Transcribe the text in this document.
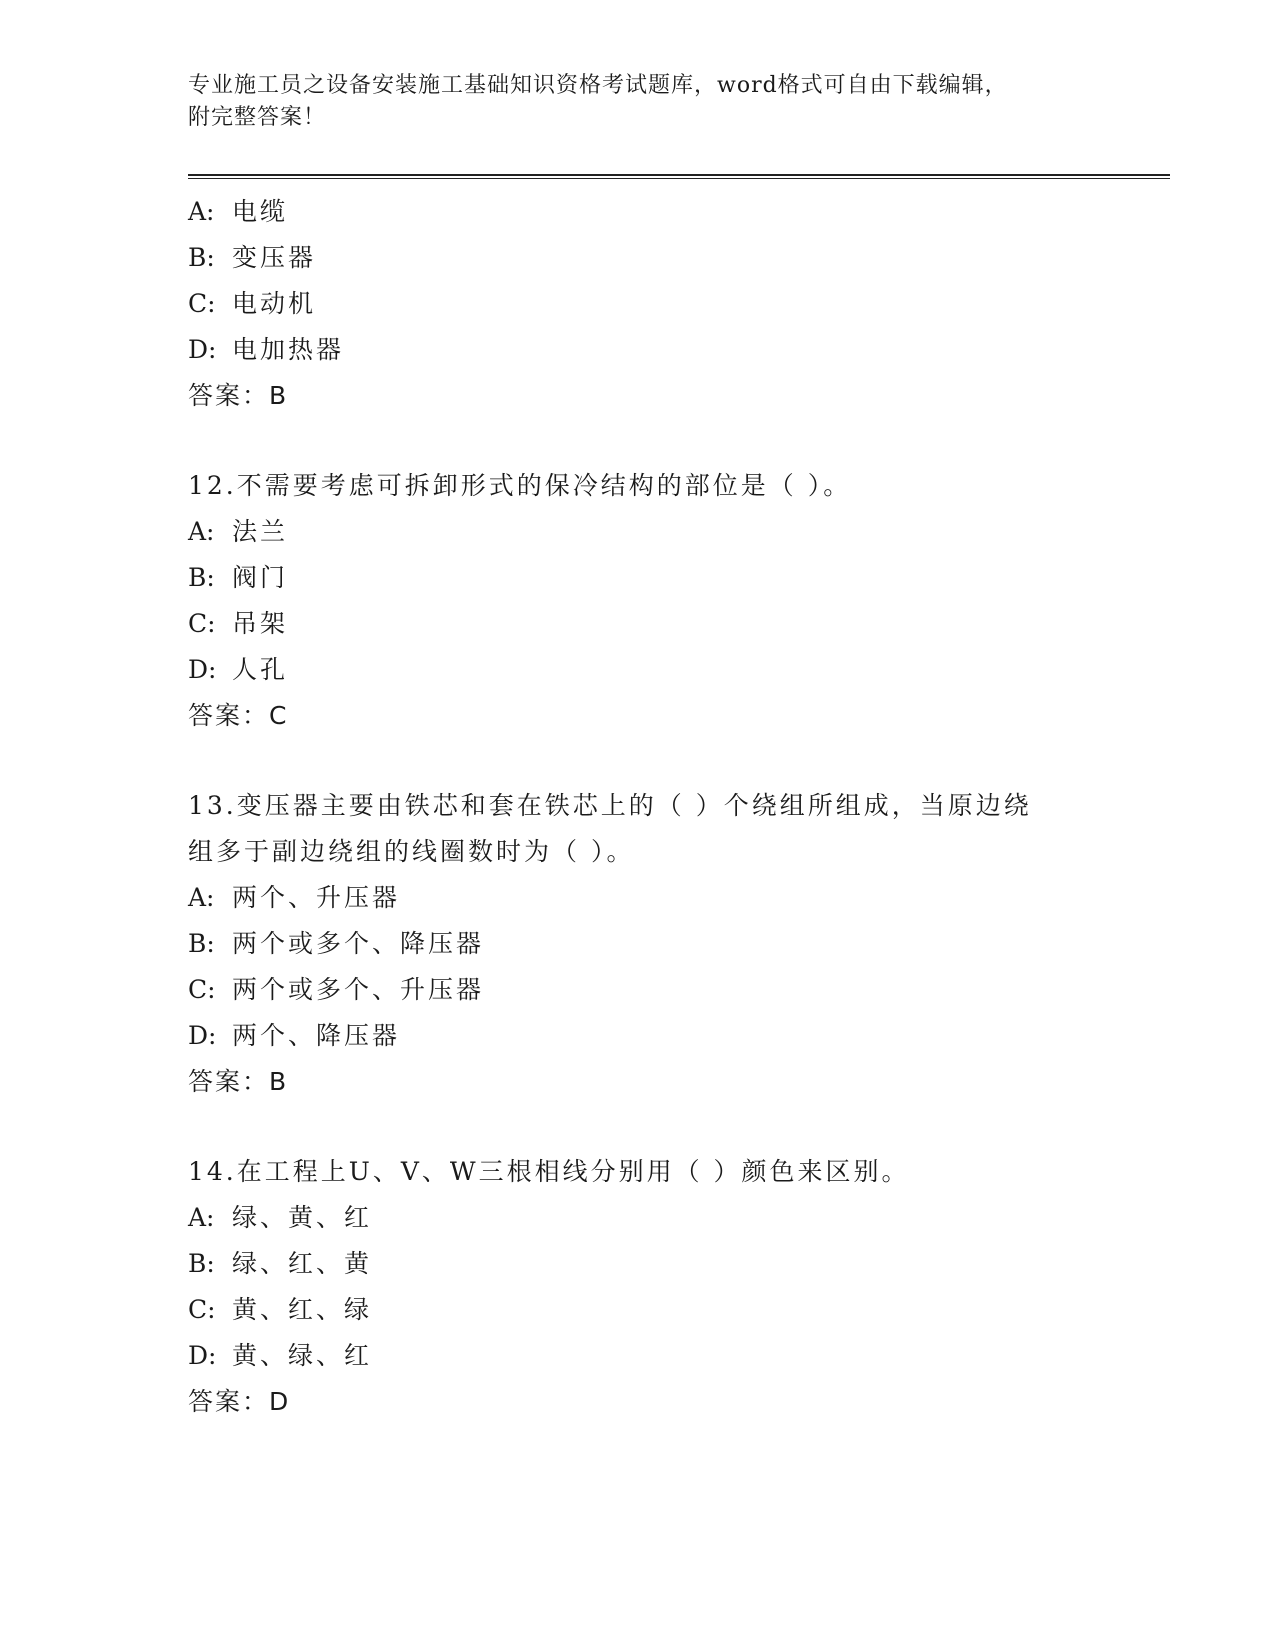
专业施工员之设备安装施工基础知识资格考试题库，word格式可自由下载编辑，

附完整答案！

A: 电缆

B: 变压器

C: 电动机

D: 电加热器

答案：B

12.不需要考虑可拆卸形式的保冷结构的部位是（ ）。

A: 法兰

B: 阀门

C: 吊架

D: 人孔

答案：C

13.变压器主要由铁芯和套在铁芯上的（ ）个绕组所组成，当原边绕

组多于副边绕组的线圈数时为（ ）。

A: 两个、升压器

B: 两个或多个、降压器

C: 两个或多个、升压器

D: 两个、降压器

答案：B

14.在工程上U、V、W三根相线分别用（ ）颜色来区别。

A: 绿、黄、红

B: 绿、红、黄

C: 黄、红、绿

D: 黄、绿、红

答案：D
